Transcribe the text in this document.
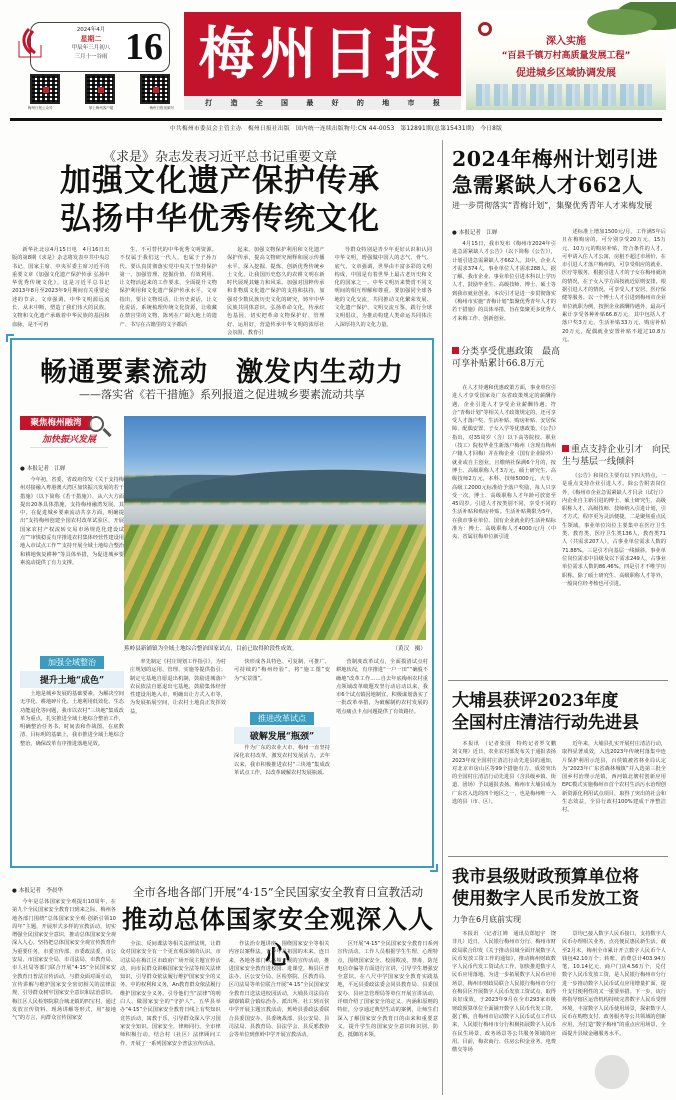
2024年4月
星期二
甲辰年三月初八
三月十一谷雨 16
梅州日报公众号	掌上梅州客户端	梅州日报视频号
梅州日报
打	造	全	国	最	好	的	地	市	报
深入实施
“百县千镇万村高质量发展工程”
促进城乡区域协调发展
中共梅州市委员会主管主办　梅州日报社出版　国内统一连续出版物号:CN 44-0053　第12891期(总第15431期)　今日8版
《求是》杂志发表习近平总书记重要文章
加强文化遗产保护传承
弘扬中华优秀传统文化
新华社北京4月15日电　4月16日出版的第8期《求是》杂志将发表中共中央总书记、国家主席、中央军委主席习近平的重要文章《加强文化遗产保护传承 弘扬中华优秀传统文化》。这是习近平总书记2013年8月至2023年9月期间有关重要论述的节录。文章强调，中华文明源远流长，从未中断，塑造了我们伟大的民族。文物和文化遗产承载着中华民族的基因和血脉，是不可再
生、不可替代的中华优秀文明资源。不仅属于我们这一代人，也属于子孙万代。要认真贯彻落实党中央关于坚持保护第一、加强管理、挖掘价值、有效利用、让文物活起来的工作要求，全面提升文物保护利用和文化遗产保护传承水平。文章指出，要让文物说话，让历史说话，让文化说话。系统梳理传统文化资源，让收藏在禁宫里的文物、陈列在广阔大地上的遗产、书写在古籍里的文字都活
起来。加强文物保护利用和文化遗产保护传承，提高文物研究阐释和展示传播水平。深入挖掘、提炼、创新优秀传统乡土文化，让我国历史悠久的农耕文明在新时代展现其魅力和风采。加强对国粹传承和非物质文化遗产保护的支持和扶持，加强对少数民族历史文化的研究，铸牢中华民族共同体意识。弘扬革命文化，传承红色基因，切实把革命文物保护好、管理好、运用好，营造传承中华文明的浓厚社会氛围，教育引
导群众特别是青少年更好认识和认同中华文明，增强做中国人的志气、骨气、底气。文章强调，世界由丰富多彩的文明构成，中国是有着世界上最古老历史和文化的国家之一。中华文明历来赞赏不同文明间的相互理解和尊重。要加强同全球各地的文化交流，共同推动文化繁荣发展、文化遗产保护、文明交流互鉴，践行全球文明倡议，为推动构建人类命运共同体注入深厚持久的文化力量。
畅通要素流动　激发内生动力
——落实省《若干措施》系列报道之促进城乡要素流动共享
聚焦梅州融湾
加快振兴发展
● 本报记者　江婵
今年初，省委、省政府印发《关于支持梅州对接融入粤港澳大湾区加快振兴发展的若干措施》（以下简称《若干措施》），从六大方面提出20条具体措施，支持梅州融湾发展。其中，在促进城乡要素流动共享方面，明确提出“支持梅州创建全国农村改革试验区，开展国家农村产权流转交易市场规范化建设试点”“审慎稳妥有序推进农村集体经营性建设用地入市试点工作”“支持开展全域土地综合整治和耕地恢复耕种”等具体举措，为促进城乡要素流动提供了有力支撑。
蕉岭县新铺镇为全域土地综合整治国家试点，目前已取得阶段性成效。	（黄汉　摄）
加强全域整治
提升土地“成色”
土地是城乡发展的基础要素。为解决空间无序化、耕地碎片化、土地利用低效化、生态功能退化等问题，我市以农村“三块地”集成改革为重点，扎实推进全域土地综合整治工作，明确整治任务书、时间表和作战图。在底数清、目标明的基础上，我市推进全域土地综合整治，确保改革有序推进落地见效。
率先制定《村庄规划工作指引》，为村庄规划的运用、管理、实施等提供指引；制定宅基地自愿退出机制，鼓励进城落户农民依法自愿退出宅基地，鼓励集体经营性建设用地入市，明确出让方式入市等，为发展拓展空间，让农村土地真正发挥效益。
快形成各具特色、可复制、可推广、可持续的“梅州经验”，将“施工图”变为“实景图”。
推进改革试点
破解发展“瓶颈”
作为广东的农业大市，梅州一直坚持深化农村改革，激发农村发展活力。去年以来，我市积极推进农村“三块地”集成改革试点工作，以改革破解农村发展瓶颈。
营制度改革试点，全面摸清试点村耕地状况，有序推进“一户一田”“确股不确地”改革工作……自去年底梅州农村重点领域改革破题攻坚行动启动以来，我市6个试点镇因地制宜，积极谋划落实了一批改革举措，为破解制约农村发展的堵点痛点卡点问题提供了有效路径。
● 本报记者　李晨华
今年是总体国家安全观提出10周年，在第九个全民国家安全教育日到来之际，梅州各地各部门围绕“总体国家安全观·创新引领10周年”主题，开展形式多样的宣教活动，切实增强全民国家安全意识，推动总体国家安全观深入人心。坚持把总体国家安全观宣传教育作为重要任务，市委宣传部、市委政法委、市公安局、市国家安全局、市司法局、市教育局、市人社局等部门联合开展“4·15”全民国家安全教育日普法宣传活动，与群众面对面互动，宣传讲解与维护国家安全密切相关的法律法规，引导群众树牢国家安全意识和法治意识。梅江区人民检察院联合城北镇的四宝村，通过发放宣传资料、现场讲解等形式，用“接地气”的方言，向群众宣传国家安
全市各地各部门开展“4·15”全民国家安全教育日宣教活动
推动总体国家安全观深入人心
全法、反间谍法等相关法律法规，让群众对国家安全有一个更直观深刻的认识。市司法局在梅江区市政府广场开展主题宣传活动，向市民群众讲解国家安全法等相关法律知识，引导群众依法履行维护国家安全的义务。中的权利和义务，An教育群众依法履行维护国家安全义务，引导他们当“法律”的明白人、做国家安全的“守护人”。五华县举办“4·15”全民国家安全教育日线上有奖知识竞答活动，寓教于乐，引导群众深入学习国家安全知识。国家安全，律师同行。全市律师积极行动，结合村（社区）法律顾问工作，开展了一系列国家安全普法宣传活动。
作法治专题讲座，围绕国家安全等相关内容以案释法。青少年是祖国的未来。连日来，各地各部门以高频开展的宣传活动，推进国家安全教育进校园、进课堂。梅县区普法办、区公安分局、区检察院、区教育局、区司法局等单位联合开展“4·15”全民国家安全教育日送法进校园活动，大埔县司法局在湖寮镇联合镇综治办、派出所、社工到百侯中学开展主题宣教活动，蕉岭县委政法委联合县委国安办、县委统战部、县公安局、县司法局、县教育局、县法学会、县反邪教协会等单位到蕉岭中学开展宣教活动。
区开展“4·15”全民国家安全教育日系列宣传活动。工作人员根据学生生理、心理特点，围绕国家安全、校园欺凌、禁毒、防范电信诈骗等方面进行宣讲，引导学生增强安全意识。在八尺中学国家安全教育实践基地，平远县委政法委会同县教育局、县委国安办、县应急管理局等单位开展宣讲活动，详细介绍了国家安全的定义、内涵和原则的特征，分享通过典型生动的案例，让师生们深入了解国家安全教育日的由来和重要意义，提升学生的国家安全意识和识别、防范、抵御的本领。
2024年梅州计划引进
急需紧缺人才662人
进一步贯彻落实“青梅计划”，集聚优秀青年人才来梅发展
● 本报记者　江婵
4月15日，我市发布《梅州市2024年引进急需紧缺人才公告》（以下简称《公告》），计划引进急需紧缺人才662人。其中，企业人才需求374人，事业单位人才需求288人。据了解，我市企业、事业单位引进本科以上学历人才，鼓励毕业生、高级技师、博士、硕士等到我市就业创业。本次引才是进一步贯彻落实《梅州市实施“青梅计划”集聚优秀青年人才的若干措施》的具体举措，旨在集聚更多优秀人才来梅工作、创新创业。
述标准上增加1500元/月。工作满5年后且在梅购房的，可分别享受20万元、15万元、10万元的购房补贴，符合条件的人才，可申请入住人才公寓，房租不超过市场价，在市引进人才落户梅州的，可享受相应的就业、医疗等服务，根据引进人才的子女在梅州就读的情况，在子女入学方面按就近原则安排，根据引进人才的情况，可享受人才安居、医疗保健等服务。以一个博士人才引进到梅州市企业单位就职为例，按照企业薪酬待遇外，最高可累计享受各种补贴66.8万元，其中包括人才落户奖3万元，生活补贴33万元，购房补贴20万元，配偶就业安置补贴不超过10.8万元。
分类享受优惠政策　最高可享补贴累计66.8万元
在人才待遇和优惠政策方面，事业单位引进人才享受国家及广东省政策规定的薪酬待遇，企业引进人才享受企业薪酬待遇。符合“青梅计划”等相关人才政策规定的，还可享受人才落户奖、生活补贴、购房补贴、安居保障、配偶安置、子女入学等优惠政策。《公告》指出，对35周岁（含）以下高等院校、职业（技工）院校毕业生新落户梅州（含现有梅州户籍人才回梅）并在梅企业（国有企业除外）就业或自主创业，且缴纳社保满6个月的，按博士、高级职称人才3万元，硕士研究生、高级技师2万元，本科、技师5000元，大专、高级工2000元标准给予落户奖励，每人只享受一次。博士、高级职称人才年龄可放宽至45周岁。引进人才按类别不同，享受不同的生活补贴和购房补贴。生活补贴期限为5年，在我市事业单位、国有企业就业的生活补贴标准为：博士、高级职称人才4000元/月（中央、省属驻梅单位新引进
重点支持企业引才　向民生与基层一线倾斜
《公告》和岗位主要有以下四大特点，一是重点支持企业引进人才。除公告附表岗位外，《梅州市企业急需紧缺人才目录（试行）》内企业自主新引进的博士、硕士研究生、高级职称人才、高级技师、技师纳入引进计划，引才方式、程序更为灵活便捷。二是聚焦重点民生领域。事业单位岗位主要集中在医疗卫生类、教育类，医疗卫生类136人，教育类71人（共需求207人），占事业单位需求人数的71.88%。三是引才向基层一线倾斜。事业单位岗位需求中县级及以下需求249人，占事业单位需求人数的86.46%。四是引才不唯学历职称。除了硕士研究生、高级职称人才等外，一般岗位经考核也可引进。
大埔县获评2023年度
全国村庄清洁行动先进县
本报讯　（记者张园　特约记者罗文鹏　刘文翔）近日，农业农村部发布关于通报表扬2023年度全国村庄清洁行动先进县的通知，对北京市房山区等99个措施有力、成效突出的全国村庄清洁行动先进县（含县级乡镇、街道、团场）予以通报表扬。梅州市大埔县成为广东省入选的四个地区之一，也是梅州唯一入选的县（市、区）。
近年来，大埔县扎实开展村庄清洁行动，取得显著成效，入选2023年传统村落集中连片保护利用示范县，百侯镇被省林业局认定为“2023年广东省森林城镇”并入选第三批全国乡村治理示范镇，西河镇北塘村创新应用EPC模式实施梅州市首个农村生活污水治理创新资源化利用试点项目，取得了突出的社会和生态效益，全县行政村100%建成干净整洁村。
我市县级财政预算单位将
使用数字人民币发放工资
力争在6月底前实现
本报讯　（记者江婵　通讯员郑旭宇　饶非凡）近日，人民银行梅州市分行、梅州市财政局联合印发《关于推动县域全面开展数字人民币发放工资工作的通知》，推动梅州财政数字人民币代发工资试点工作，加快推进数字人民币应用落地。为进一步拓展数字人民币应用场景，梅州市财政局联合人民银行梅州市分行在梅县区开展数字人民币发放工资试点，取得良好成效，于2023年9月在全市293家市级财政预算单位全面铺开数字人民币代发工资。据了解，自梅州市启动数字人民币试点工作以来，人民银行梅州市分行积极拓展数字人民币在民生场景、政务场景等公共服务领域的应用。目前，梅农商行、住房公积金业务、电费缴交等场
景均已接入数字人民币接口，支持数字人民币办理相关业务，点亮便民惠民新生活。截至2月末，梅州全市累计开立数字人民币个人钱包42.10万个；转账、消费总计403.94万笔，10.14亿元，商户门店4.56万个，兑付数字人民币发放工资，是人民银行梅州市分行进一步推动数字人民币试点应用增量扩面、提升支付便利性的又一重要举措。下一步，该行将指导辖区运营机构持续完善数字人民币受理环境，丰富数字人民币使用场景，探索数字人民币在购物支付、政务服务等公共领域的创新应用，为打造“数字梅州”的重点应用场景，全面提升县域金融服务水平。
